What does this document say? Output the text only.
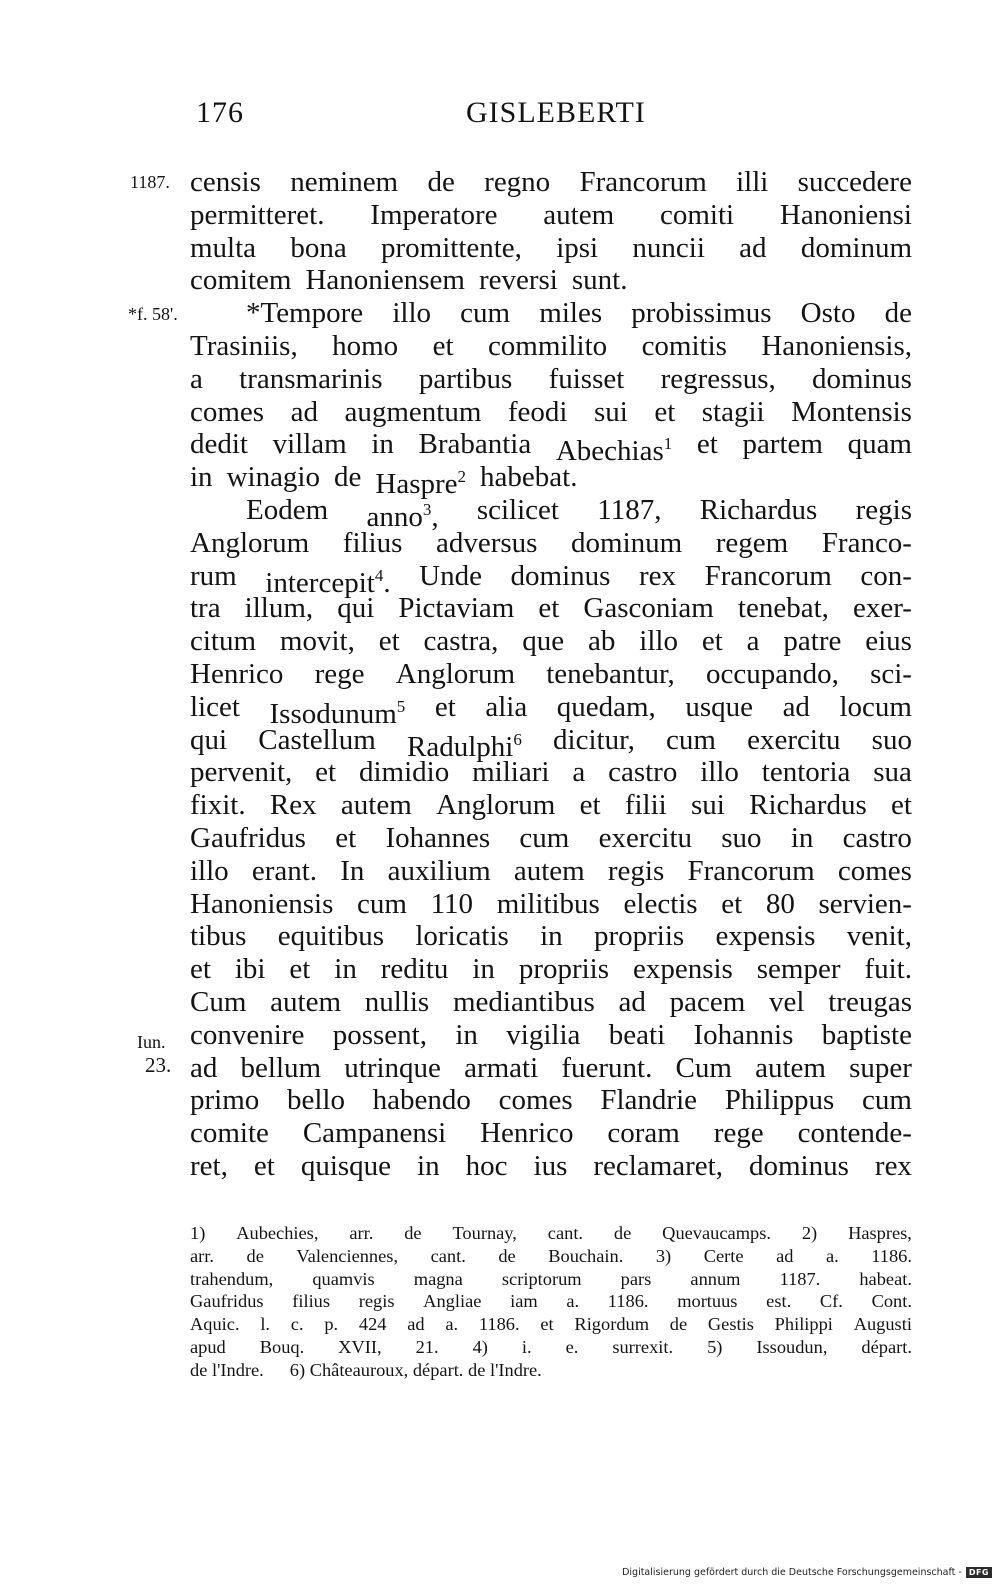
176	GISLEBERTI
1187.
*f. 58'.
Iun.
23.
censis neminem de regno Francorum illi succedere
permitteret. Imperatore autem comiti Hanoniensi
multa bona promittente, ipsi nuncii ad dominum
comitem Hanoniensem reversi sunt.
*Tempore illo cum miles probissimus Osto de
Trasiniis, homo et commilito comitis Hanoniensis,
a transmarinis partibus fuisset regressus, dominus
comes ad augmentum feodi sui et stagii Montensis
dedit villam in Brabantia Abechias$^1$ et partem quam
in winagio de Haspre$^2$ habebat.
Eodem anno$^3$, scilicet 1187, Richardus regis
Anglorum filius adversus dominum regem Franco-
rum intercepit$^4$. Unde dominus rex Francorum con-
tra illum, qui Pictaviam et Gasconiam tenebat, exer-
citum movit, et castra, que ab illo et a patre eius
Henrico rege Anglorum tenebantur, occupando, sci-
licet Issodunum$^5$ et alia quedam, usque ad locum
qui Castellum Radulphi$^6$ dicitur, cum exercitu suo
pervenit, et dimidio miliari a castro illo tentoria sua
fixit. Rex autem Anglorum et filii sui Richardus et
Gaufridus et Iohannes cum exercitu suo in castro
illo erant. In auxilium autem regis Francorum comes
Hanoniensis cum 110 militibus electis et 80 servien-
tibus equitibus loricatis in propriis expensis venit,
et ibi et in reditu in propriis expensis semper fuit.
Cum autem nullis mediantibus ad pacem vel treugas
convenire possent, in vigilia beati Iohannis baptiste
ad bellum utrinque armati fuerunt. Cum autem super
primo bello habendo comes Flandrie Philippus cum
comite Campanensi Henrico coram rege contende-
ret, et quisque in hoc ius reclamaret, dominus rex
1) Aubechies, arr. de Tournay, cant. de Quevaucamps. 2) Haspres,
arr. de Valenciennes, cant. de Bouchain. 3) Certe ad a. 1186.
trahendum, quamvis magna scriptorum pars annum 1187. habeat.
Gaufridus filius regis Angliae iam a. 1186. mortuus est. Cf. Cont.
Aquic. l. c. p. 424 ad a. 1186. et Rigordum de Gestis Philippi Augusti
apud Bouq. XVII, 21. 4) i. e. surrexit. 5) Issoudun, départ.
de l'Indre. 6) Châteauroux, départ. de l'Indre.
Digitalisierung gefördert durch die Deutsche Forschungsgemeinschaft - DFG
